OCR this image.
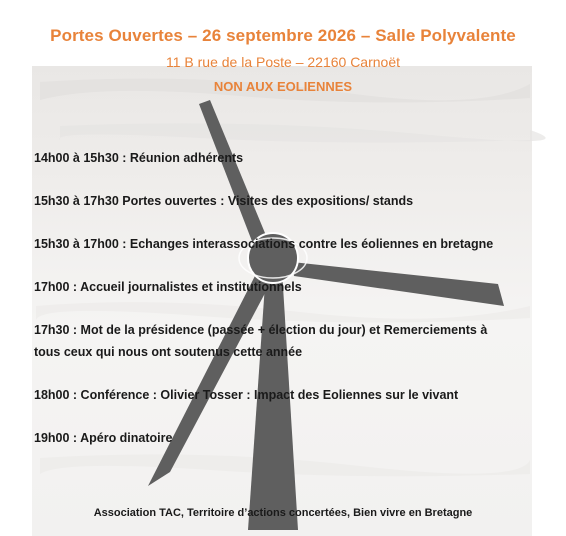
Portes Ouvertes – 26 septembre 2026 – Salle Polyvalente
11 B rue de la Poste – 22160 Carnoët
NON AUX EOLIENNES
14h00 à 15h30 : Réunion adhérents
15h30 à 17h30 Portes ouvertes : Visites des expositions/ stands
15h30 à 17h00 : Echanges interassociations contre les éoliennes en bretagne
17h00 : Accueil journalistes et institutionnels
17h30 : Mot de la présidence (passée + élection du jour) et Remerciements à
tous ceux qui nous ont soutenus cette année
18h00 : Conférence : Olivier Tosser : Impact des Eoliennes sur le vivant
19h00 : Apéro dinatoire
Association TAC, Territoire d’actions concertées, Bien vivre en Bretagne
